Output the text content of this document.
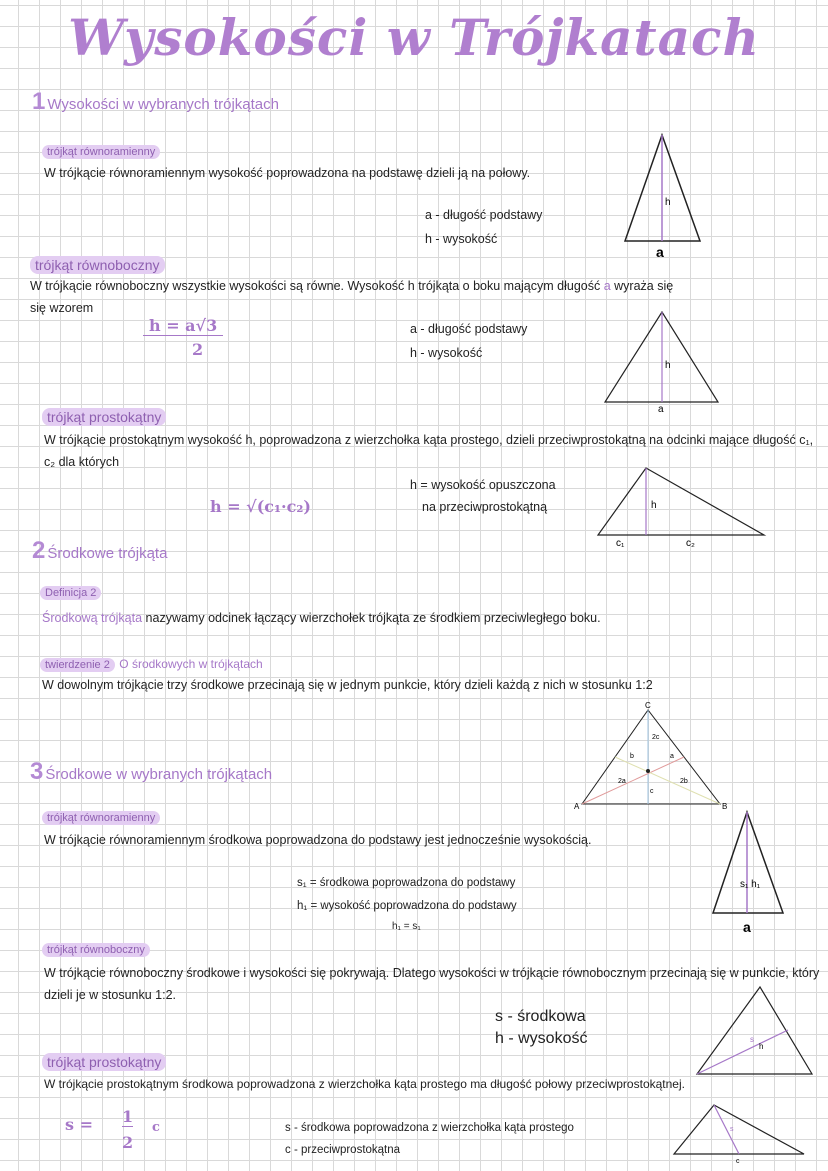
Wysokości w Trójkatach
1 Wysokości w wybranych trójkątach
trójkąt równoramienny
W trójkącie równoramiennym wysokość poprowadzona na podstawę dzieli ją na połowy.
a - długość podstawy
h - wysokość
h
a
trójkąt równoboczny
W trójkącie równoboczny wszystkie wysokości są równe. Wysokość h trójkąta o boku mającym długość a wyraża się
się wzorem
h = a√3
2
a - długość podstawy
h - wysokość
h
a
trójkąt prostokątny
W trójkącie prostokątnym wysokość h, poprowadzona z wierzchołka kąta prostego, dzieli przeciwprostokątną na odcinki mające długość c₁, c₂ dla których
h = √(c₁·c₂)
h = wysokość opuszczona
na przeciwprostokątną	h
c₁	c₂
2 Środkowe trójkąta
Definicja 2
Środkową trójkąta nazywamy odcinek łączący wierzchołek trójkąta ze środkiem przeciwległego boku.
twierdzenie 2 O środkowych w trójkątach
W dowolnym trójkącie trzy środkowe przecinają się w jednym punkcie, który dzieli każdą z nich w stosunku 1:2
C
A	B
2c
b	a
2a	2b
c
3 Środkowe w wybranych trójkątach
trójkąt równoramienny
W trójkącie równoramiennym środkowa poprowadzona do podstawy jest jednocześnie wysokością.
s₁ = środkowa poprowadzona do podstawy
h₁ = wysokość poprowadzona do podstawy
h₁ = s₁
s₁ h₁
a
trójkąt równoboczny
W trójkącie równoboczny środkowe i wysokości się pokrywają. Dlatego wysokości w trójkącie równobocznym przecinają się w punkcie, który dzieli je w stosunku 1:2.
s - środkowa
h - wysokość	s
h
trójkąt prostokątny
W trójkącie prostokątnym środkowa poprowadzona z wierzchołka kąta prostego ma długość połowy przeciwprostokątnej.
s = 1
2
c	s - środkowa poprowadzona z wierzchołka kąta prostego
c - przeciwprostokątna
s
c
